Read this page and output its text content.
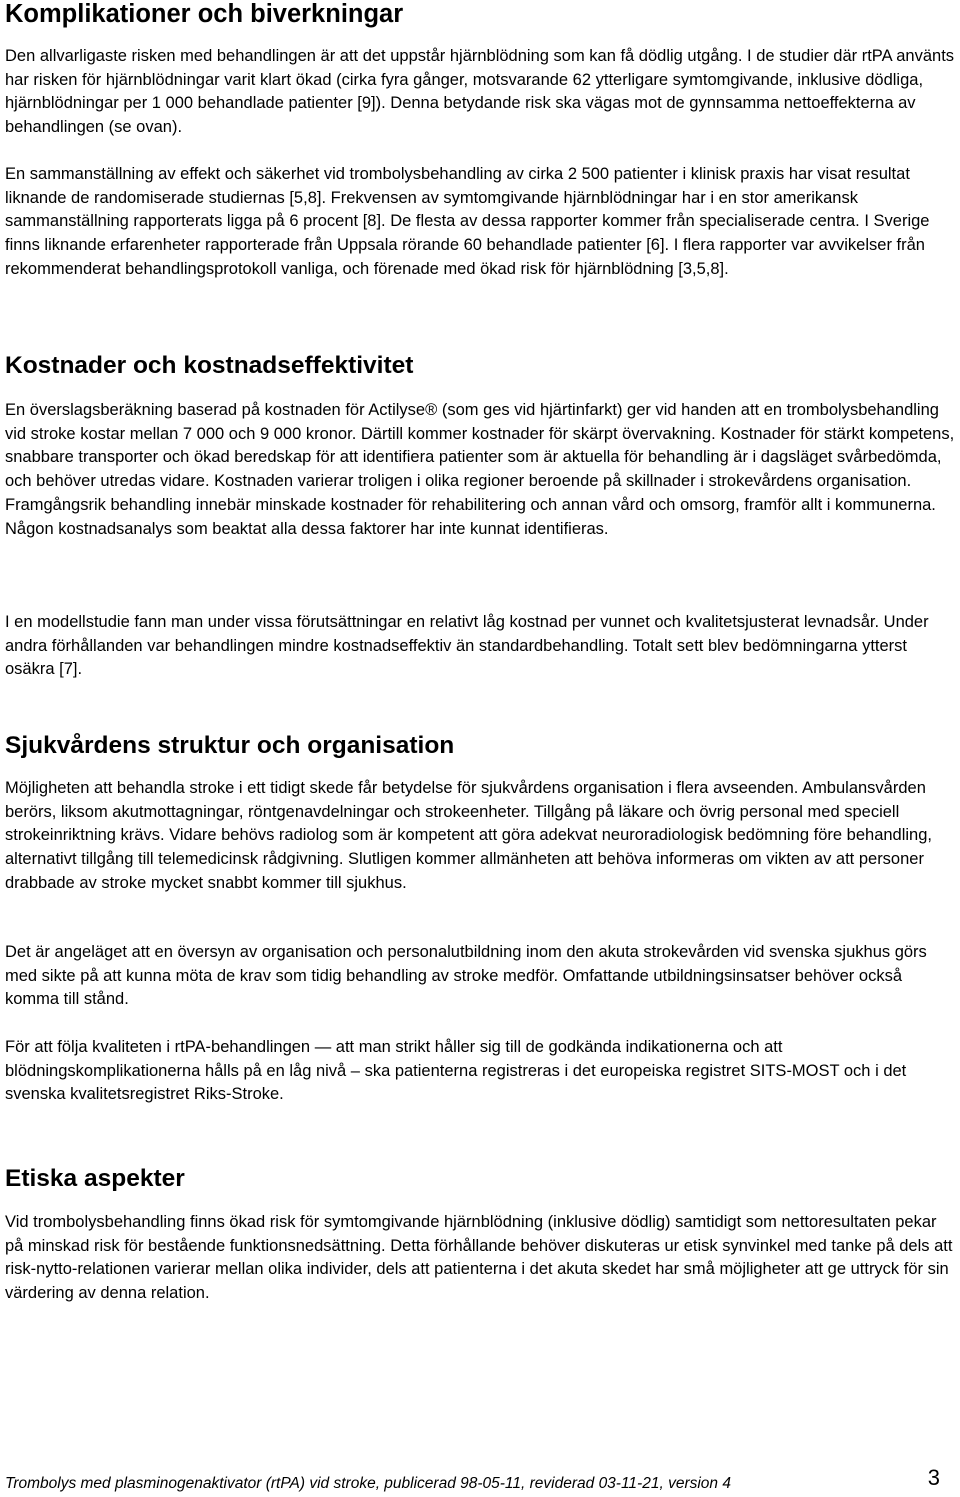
Komplikationer och biverkningar

Den allvarligaste risken med behandlingen är att det uppstår hjärnblödning som kan få dödlig utgång. I de studier där rtPA använts har risken för hjärnblödningar varit klart ökad (cirka fyra gånger, motsvarande 62 ytterligare symtomgivande, inklusive dödliga, hjärnblödningar per 1 000 behandlade patienter [9]). Denna betydande risk ska vägas mot de gynnsamma nettoeffekterna av behandlingen (se ovan).

En sammanställning av effekt och säkerhet vid trombolysbehandling av cirka 2 500 patienter i klinisk praxis har visat resultat liknande de randomiserade studiernas [5,8]. Frekvensen av symtomgivande hjärnblödningar har i en stor amerikansk sammanställning rapporterats ligga på 6 procent [8]. De flesta av dessa rapporter kommer från specialiserade centra. I Sverige finns liknande erfarenheter rapporterade från Uppsala rörande 60 behandlade patienter [6]. I flera rapporter var avvikelser från rekommenderat behandlingsprotokoll vanliga, och förenade med ökad risk för hjärnblödning [3,5,8].

Kostnader och kostnadseffektivitet

En överslagsberäkning baserad på kostnaden för Actilyse® (som ges vid hjärtinfarkt) ger vid handen att en trombolysbehandling vid stroke kostar mellan 7 000 och 9 000 kronor. Därtill kommer kostnader för skärpt övervakning. Kostnader för stärkt kompetens, snabbare transporter och ökad beredskap för att identifiera patienter som är aktuella för behandling är i dagsläget svårbedömda, och behöver utredas vidare. Kostnaden varierar troligen i olika regioner beroende på skillnader i strokevårdens organisation. Framgångsrik behandling innebär minskade kostnader för rehabilitering och annan vård och omsorg, framför allt i kommunerna. Någon kostnadsanalys som beaktat alla dessa faktorer har inte kunnat identifieras.

I en modellstudie fann man under vissa förutsättningar en relativt låg kostnad per vunnet och kvalitetsjusterat levnadsår. Under andra förhållanden var behandlingen mindre kostnadseffektiv än standardbehandling. Totalt sett blev bedömningarna ytterst osäkra [7].

Sjukvårdens struktur och organisation

Möjligheten att behandla stroke i ett tidigt skede får betydelse för sjukvårdens organisation i flera avseenden. Ambulansvården berörs, liksom akutmottagningar, röntgenavdelningar och strokeenheter. Tillgång på läkare och övrig personal med speciell strokeinriktning krävs. Vidare behövs radiolog som är kompetent att göra adekvat neuroradiologisk bedömning före behandling, alternativt tillgång till telemedicinsk rådgivning. Slutligen kommer allmänheten att behöva informeras om vikten av att personer drabbade av stroke mycket snabbt kommer till sjukhus.

Det är angeläget att en översyn av organisation och personalutbildning inom den akuta strokevården vid svenska sjukhus görs med sikte på att kunna möta de krav som tidig behandling av stroke medför. Omfattande utbildningsinsatser behöver också komma till stånd.

För att följa kvaliteten i rtPA-behandlingen — att man strikt håller sig till de godkända indikationerna och att blödningskomplikationerna hålls på en låg nivå – ska patienterna registreras i det europeiska registret SITS-MOST och i det svenska kvalitetsregistret Riks-Stroke.

Etiska aspekter

Vid trombolysbehandling finns ökad risk för symtomgivande hjärnblödning (inklusive dödlig) samtidigt som nettoresultaten pekar på minskad risk för bestående funktionsnedsättning. Detta förhållande behöver diskuteras ur etisk synvinkel med tanke på dels att risk-nytto-relationen varierar mellan olika individer, dels att patienterna i det akuta skedet har små möjligheter att ge uttryck för sin värdering av denna relation.

Trombolys med plasminogenaktivator (rtPA) vid stroke, publicerad 98-05-11, reviderad 03-11-21, version 4	3
